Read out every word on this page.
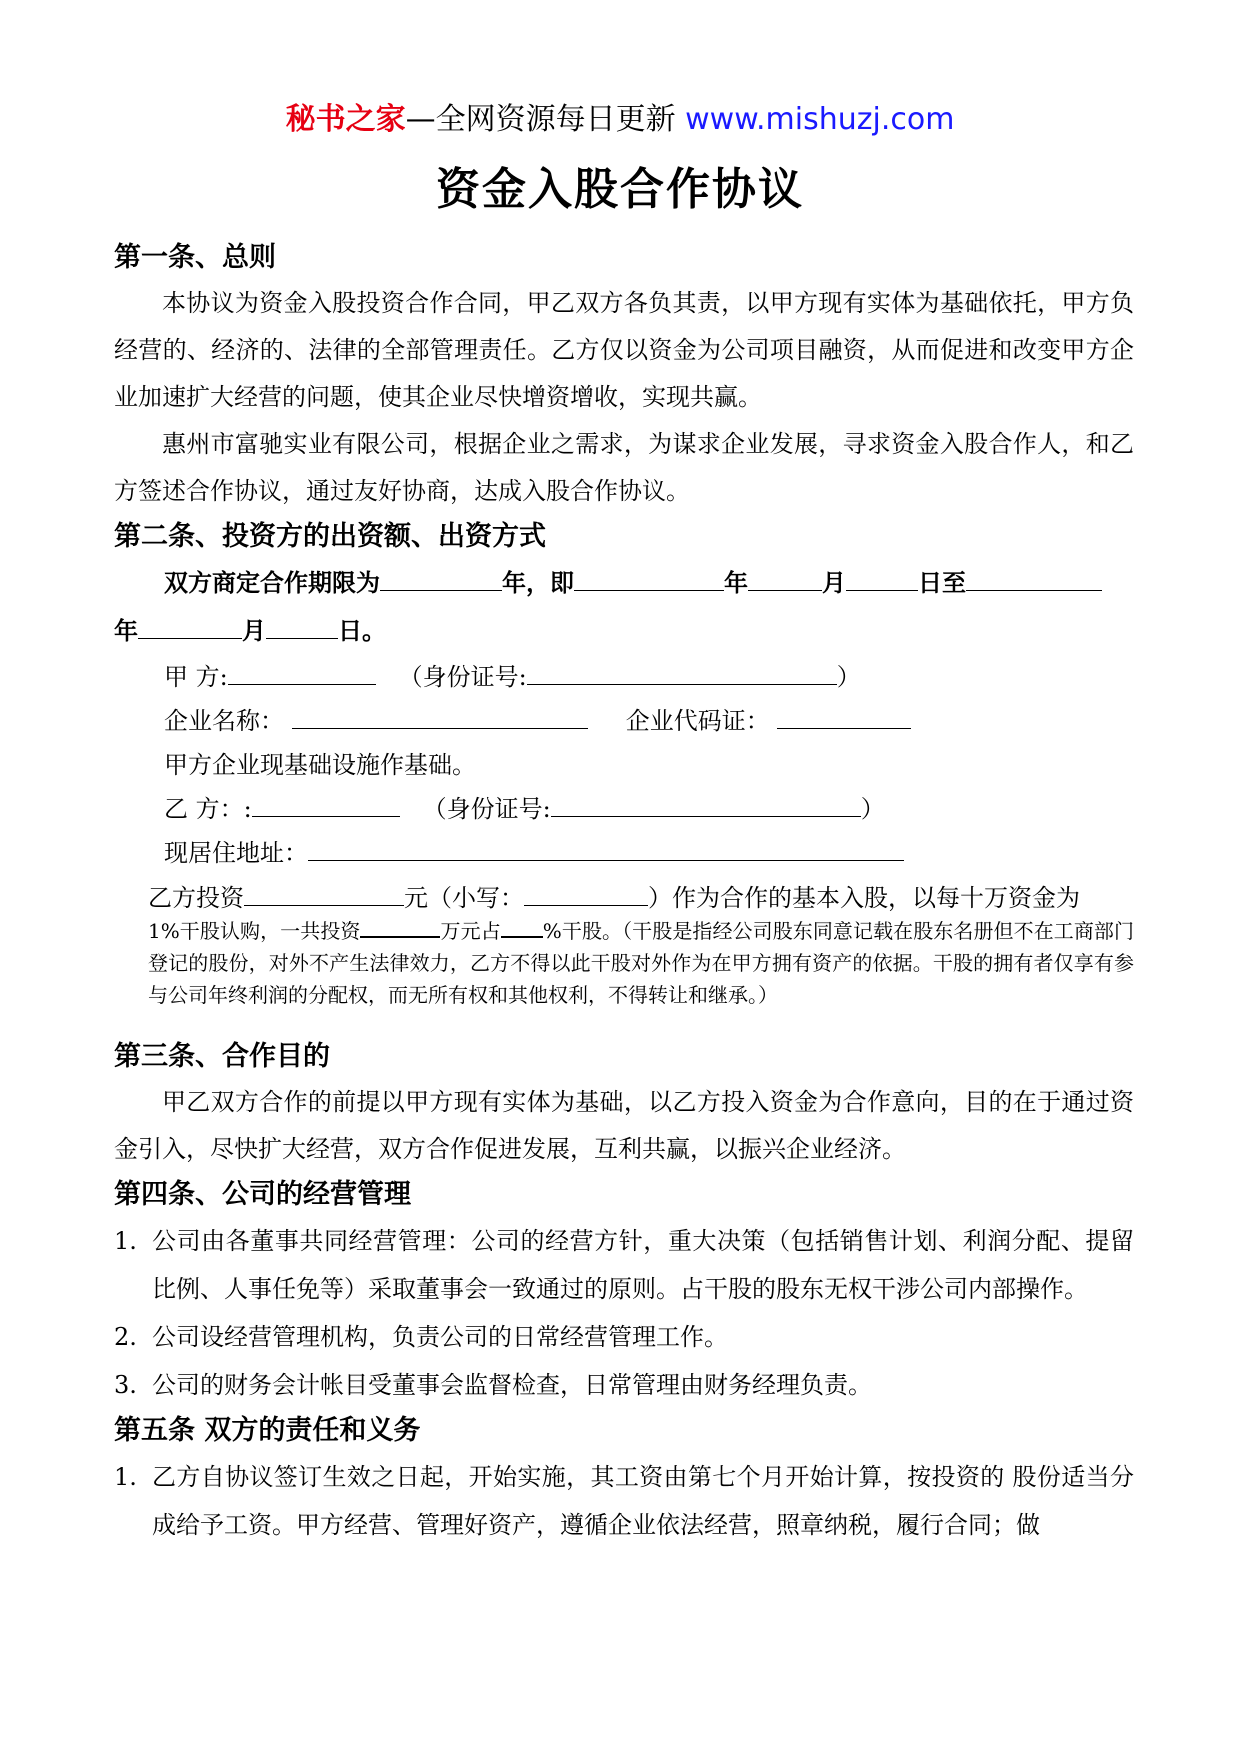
秘书之家—全网资源每日更新 www.mishuzj.com
资金入股合作协议

第一条、总则

本协议为资金入股投资合作合同，甲乙双方各负其责，以甲方现有实体为基础依托，甲方负经营的、经济的、法律的全部管理责任。乙方仅以资金为公司项目融资，从而促进和改变甲方企业加速扩大经营的问题，使其企业尽快增资增收，实现共赢。

惠州市富驰实业有限公司，根据企业之需求，为谋求企业发展，寻求资金入股合作人，和乙方签述合作协议，通过友好协商，达成入股合作协议。

第二条、投资方的出资额、出资方式

双方商定合作期限为	年，即	年	月	日至

年	月	日。

甲 方:	（身份证号:	）

企业名称：	企业代码证：

甲方企业现基础设施作基础。

乙 方：:	（身份证号:	）

现居住地址：

乙方投资	元（小写：	）作为合作的基本入股，以每十万资金为

1%干股认购，一共投资	万元占 %干股。（干股是指经公司股东同意记载在股东名册但不在工商部门登记的股份，对外不产生法律效力，乙方不得以此干股对外作为在甲方拥有资产的依据。干股的拥有者仅享有参与公司年终利润的分配权，而无所有权和其他权利，不得转让和继承。）

第三条、合作目的

甲乙双方合作的前提以甲方现有实体为基础，以乙方投入资金为合作意向，目的在于通过资金引入，尽快扩大经营，双方合作促进发展，互利共赢，以振兴企业经济。

第四条、公司的经营管理

1. 公司由各董事共同经营管理：公司的经营方针，重大决策（包括销售计划、利润分配、提留比例、人事任免等）采取董事会一致通过的原则。占干股的股东无权干涉公司内部操作。
2. 公司设经营管理机构，负责公司的日常经营管理工作。
3. 公司的财务会计帐目受董事会监督检查，日常管理由财务经理负责。

第五条 双方的责任和义务

1. 乙方自协议签订生效之日起，开始实施，其工资由第七个月开始计算，按投资的 股份适当分成给予工资。甲方经营、管理好资产，遵循企业依法经营，照章纳税，履行合同；做
